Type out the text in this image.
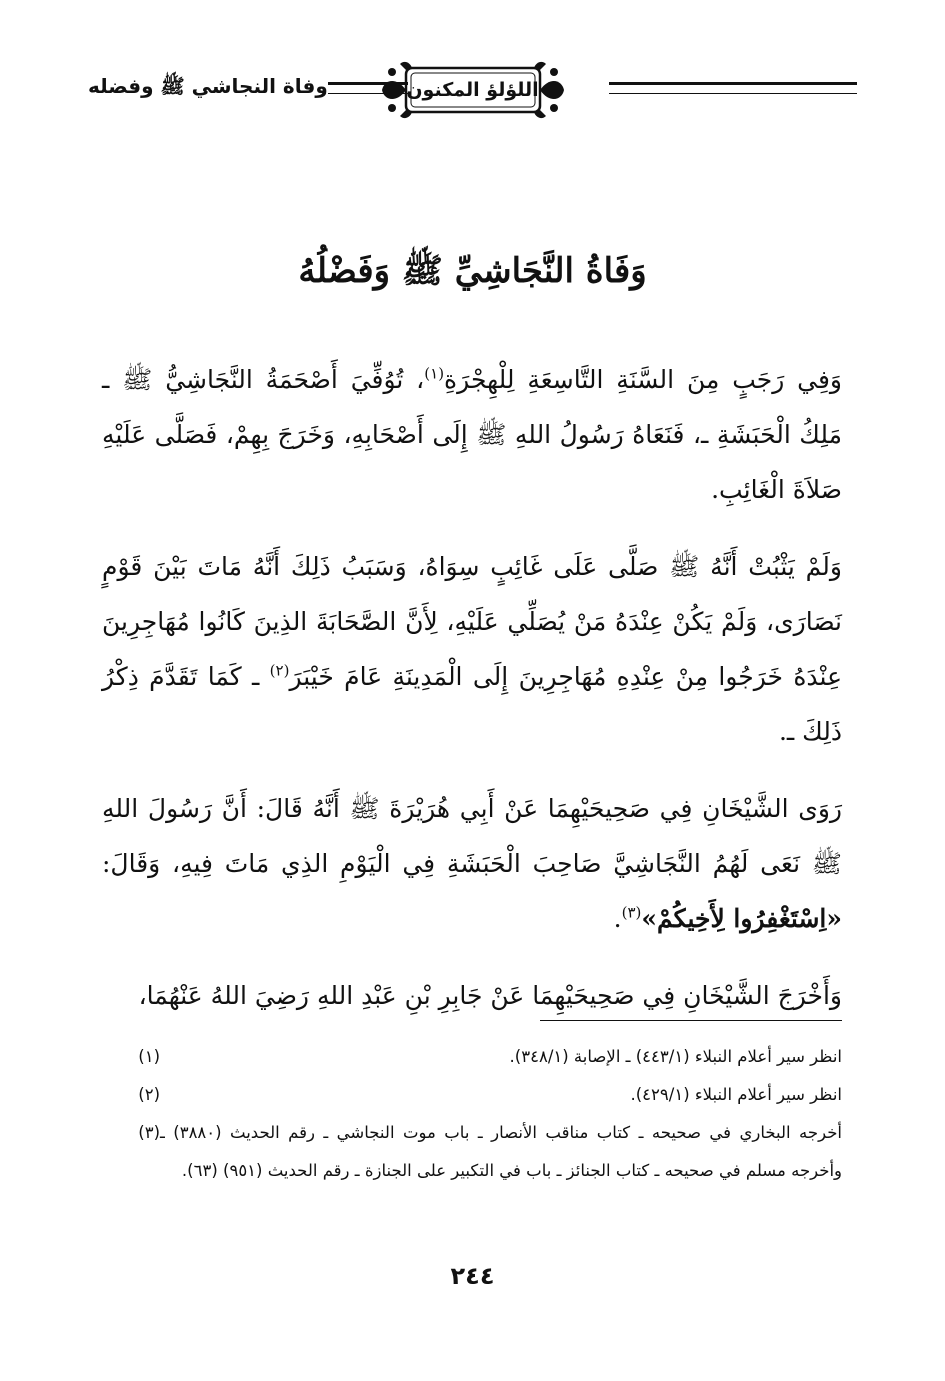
اللؤلؤ المكنون
وفاة النجاشي ﷺ وفضله
وَفَاةُ النَّجَاشِيِّ ﷺ وَفَضْلُهُ

وَفِي رَجَبٍ مِنَ السَّنَةِ التَّاسِعَةِ لِلْهِجْرَةِ$^{(١)}$، تُوُفِّيَ أَصْحَمَةُ النَّجَاشِيُّ ﷺ ـ مَلِكُ الْحَبَشَةِ ـ، فَنَعَاهُ رَسُولُ اللهِ ﷺ إِلَى أَصْحَابِهِ، وَخَرَجَ بِهِمْ، فَصَلَّى عَلَيْهِ صَلاَةَ الْغَائِبِ.

وَلَمْ يَثْبُتْ أَنَّهُ ﷺ صَلَّى عَلَى غَائِبٍ سِوَاهُ، وَسَبَبُ ذَلِكَ أَنَّهُ مَاتَ بَيْنَ قَوْمٍ نَصَارَى، وَلَمْ يَكُنْ عِنْدَهُ مَنْ يُصَلِّي عَلَيْهِ، لِأَنَّ الصَّحَابَةَ الذِينَ كَانُوا مُهَاجِرِينَ عِنْدَهُ خَرَجُوا مِنْ عِنْدِهِ مُهَاجِرِينَ إِلَى الْمَدِينَةِ عَامَ خَيْبَرَ$^{(٢)}$ ـ كَمَا تَقَدَّمَ ذِكْرُ ذَلِكَ ـ.

رَوَى الشَّيْخَانِ فِي صَحِيحَيْهِمَا عَنْ أَبِي هُرَيْرَةَ ﷺ أَنَّهُ قَالَ: أَنَّ رَسُولَ اللهِ ﷺ نَعَى لَهُمُ النَّجَاشِيَّ صَاحِبَ الْحَبَشَةِ فِي الْيَوْمِ الذِي مَاتَ فِيهِ، وَقَالَ: «اِسْتَغْفِرُوا لِأَخِيكُمْ»$^{(٣)}$.

وَأَخْرَجَ الشَّيْخَانِ فِي صَحِيحَيْهِمَا عَنْ جَابِرِ بْنِ عَبْدِ اللهِ رَضِيَ اللهُ عَنْهُمَا،

(١)	انظر سير أعلام النبلاء (٤٤٣/١) ـ الإصابة (٣٤٨/١).
(٢)	انظر سير أعلام النبلاء (٤٢٩/١).
(٣) أخرجه البخاري في صحيحه ـ كتاب مناقب الأنصار ـ باب موت النجاشي ـ رقم الحديث (٣٨٨٠) ـ وأخرجه مسلم في صحيحه ـ كتاب الجنائز ـ باب في التكبير على الجنازة ـ رقم الحديث (٩٥١) (٦٣).
٢٤٤
